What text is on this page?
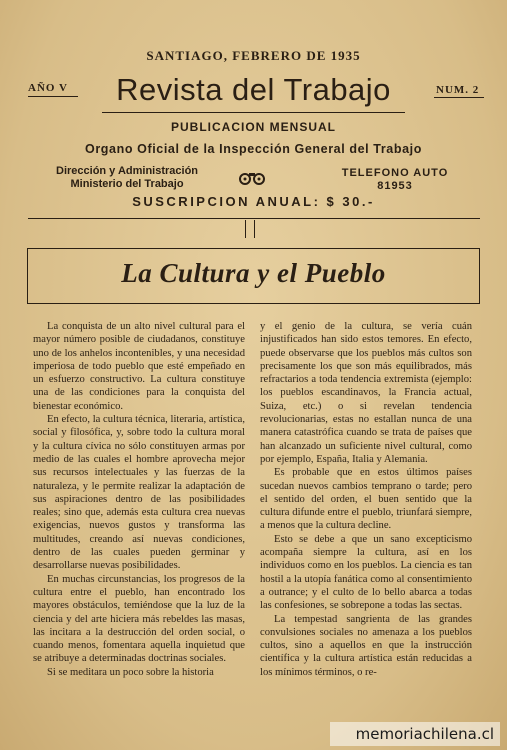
SANTIAGO, FEBRERO DE 1935
AÑO V	Revista del Trabajo	NUM. 2
PUBLICACION MENSUAL
Organo Oficial de la Inspección General del Trabajo
Dirección y Administración
Ministerio del Trabajo
TELEFONO AUTO
81953
SUSCRIPCION ANUAL: $ 30.-
La Cultura y el Pueblo

La conquista de un alto nivel cultural para el mayor número posible de ciudadanos, constituye uno de los anhelos incontenibles, y una necesidad imperiosa de todo pueblo que esté empeñado en un esfuerzo constructivo. La cultura constituye una de las condiciones para la conquista del bienestar económico.

En efecto, la cultura técnica, literaria, artística, social y filosófica, y, sobre todo la cultura moral y la cultura cívica no sólo constituyen armas por medio de las cuales el hombre aprovecha mejor sus recursos intelectuales y las fuerzas de la naturaleza, y le permite realizar la adaptación de sus aspiraciones dentro de las posibilidades reales; sino que, además esta cultura crea nuevas exigencias, nuevos gustos y transforma las multitudes, creando así nuevas condiciones, dentro de las cuales pueden germinar y desarrollarse nuevas posibilidades.

En muchas circunstancias, los progresos de la cultura entre el pueblo, han encontrado los mayores obstáculos, temiéndose que la luz de la ciencia y del arte hiciera más rebeldes las masas, las incitara a la destrucción del orden social, o cuando menos, fomentara aquella inquietud que se atribuye a determinadas doctrinas sociales.

Si se meditara un poco sobre la historia

y el genio de la cultura, se vería cuán injustificados han sido estos temores. En efecto, puede observarse que los pueblos más cultos son precisamente los que son más equilibrados, más refractarios a toda tendencia extremista (ejemplo: los pueblos escandinavos, la Francia actual, Suiza, etc.) o si revelan tendencia revolucionarias, estas no estallan nunca de una manera catastrófica cuando se trata de países que han alcanzado un suficiente nivel cultural, como por ejemplo, España, Italia y Alemania.

Es probable que en estos últimos países sucedan nuevos cambios temprano o tarde; pero el sentido del orden, el buen sentido que la cultura difunde entre el pueblo, triunfará siempre, a menos que la cultura decline.

Esto se debe a que un sano excepticismo acompaña siempre la cultura, así en los individuos como en los pueblos. La ciencia es tan hostil a la utopía fanática como al consentimiento a outrance; y el culto de lo bello abarca a todas las confesiones, se sobrepone a todas las sectas.

La tempestad sangrienta de las grandes convulsiones sociales no amenaza a los pueblos cultos, sino a aquellos en que la instrucción científica y la cultura artística están reducidas a los mínimos términos, o re-

memoriachilena.cl
